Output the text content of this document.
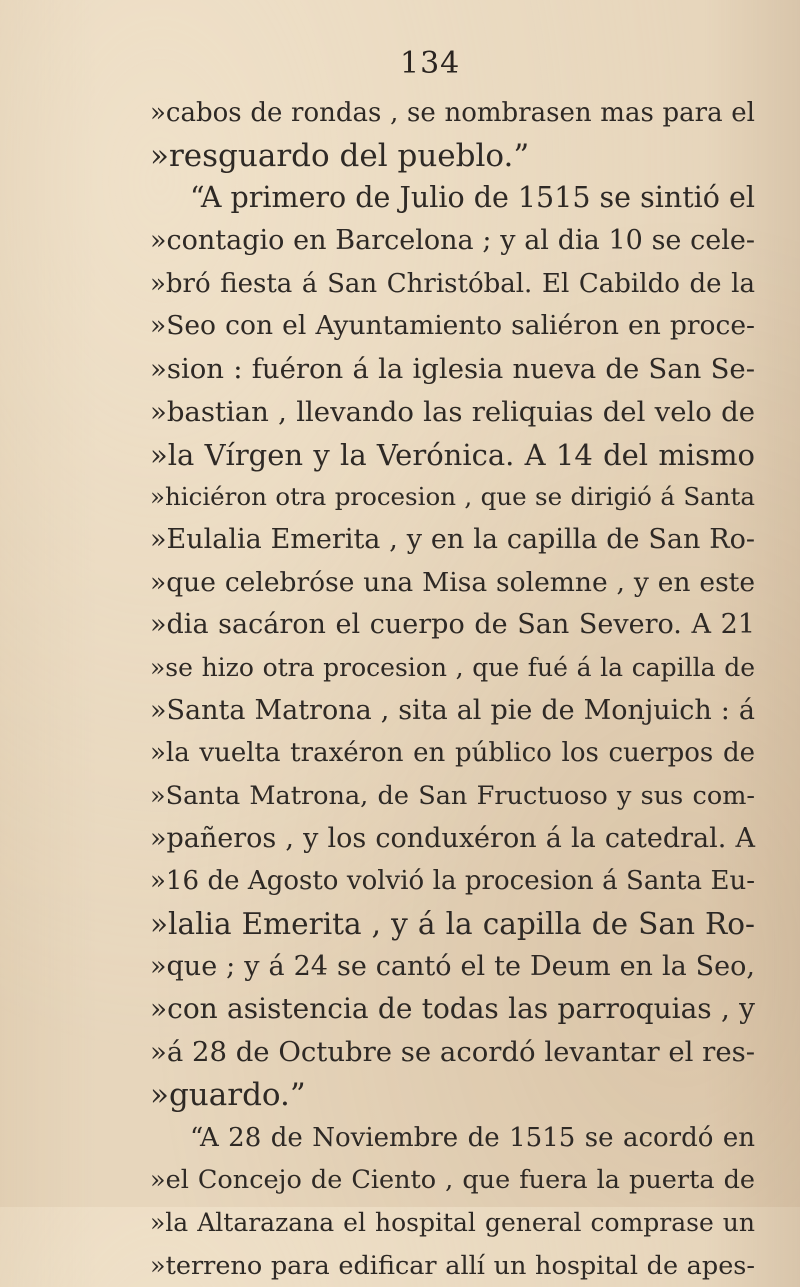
134
»cabos de rondas , se nombrasen mas para el
»resguardo del pueblo.”
“A primero de Julio de 1515 se sintió el
»contagio en Barcelona ; y al dia 10 se cele-
»bró fiesta á San Christóbal. El Cabildo de la
»Seo con el Ayuntamiento saliéron en proce-
»sion : fuéron á la iglesia nueva de San Se-
»bastian , llevando las reliquias del velo de
»la Vírgen y la Verónica. A 14 del mismo
»hiciéron otra procesion , que se dirigió á Santa
»Eulalia Emerita , y en la capilla de San Ro-
»que celebróse una Misa solemne , y en este
»dia sacáron el cuerpo de San Severo. A 21
»se hizo otra procesion , que fué á la capilla de
»Santa Matrona , sita al pie de Monjuich : á
»la vuelta traxéron en público los cuerpos de
»Santa Matrona, de San Fructuoso y sus com-
»pañeros , y los conduxéron á la catedral. A
»16 de Agosto volvió la procesion á Santa Eu-
»lalia Emerita , y á la capilla de San Ro-
»que ; y á 24 se cantó el te Deum en la Seo,
»con asistencia de todas las parroquias , y
»á 28 de Octubre se acordó levantar el res-
»guardo.”
“A 28 de Noviembre de 1515 se acordó en
»el Concejo de Ciento , que fuera la puerta de
»la Altarazana el hospital general comprase un
»terreno para edificar allí un hospital de apes-
